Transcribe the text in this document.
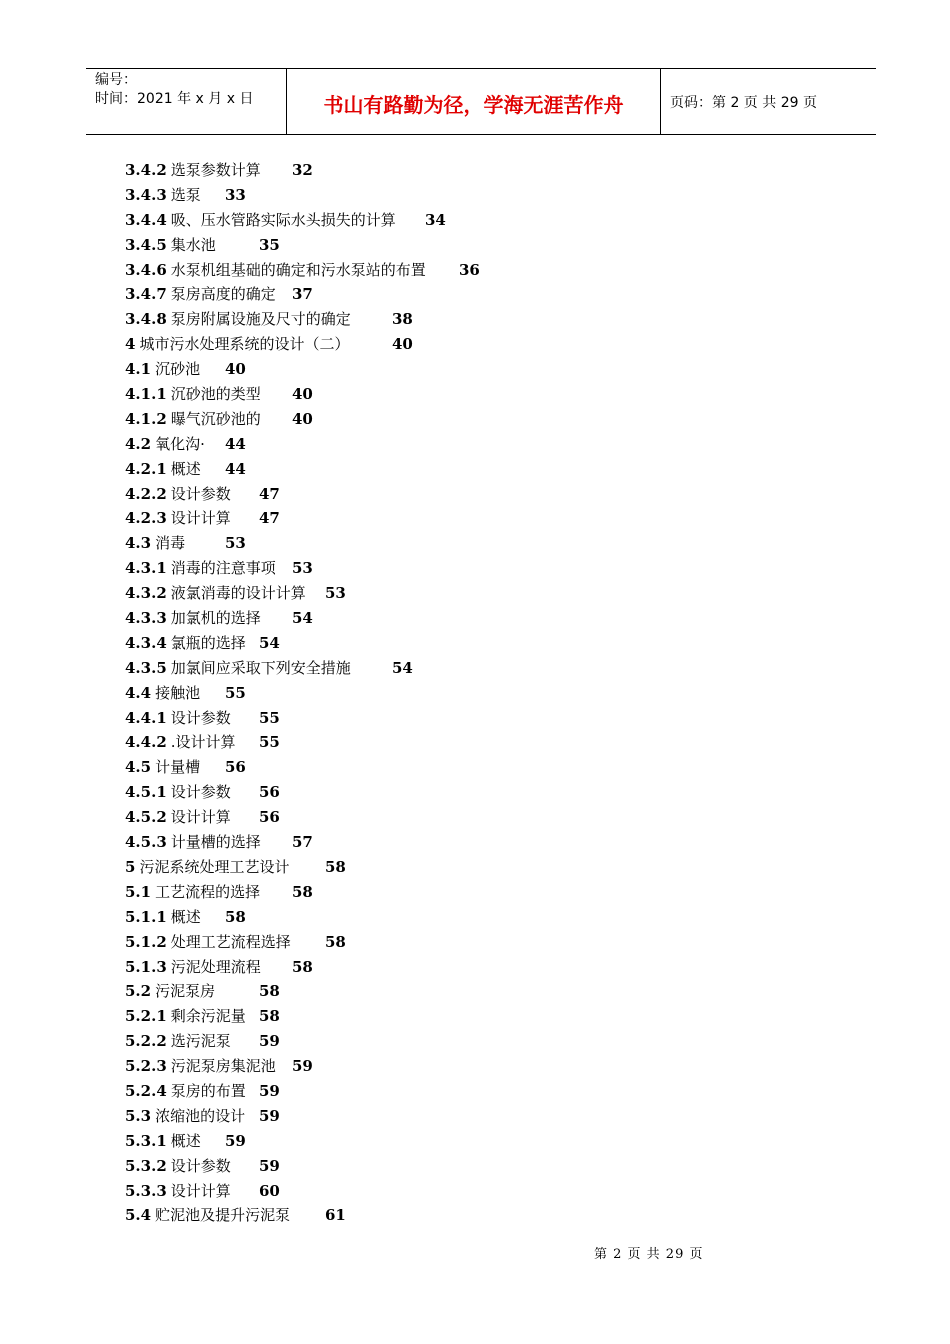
编号：
时间：2021 年 x 月 x 日	书山有路勤为径，学海无涯苦作舟	页码：第 2 页 共 29 页
3.4.2 选泵参数计算 32
3.4.3 选泵 33
3.4.4 吸、压水管路实际水头损失的计算 34
3.4.5 集水池	35
3.4.6 水泵机组基础的确定和污水泵站的布置 36
3.4.7 泵房高度的确定 37
3.4.8 泵房附属设施及尺寸的确定	38
4 城市污水处理系统的设计（二）	40
4.1 沉砂池 40
4.1.1 沉砂池的类型 40
4.1.2 曝气沉砂池的 40
4.2 氧化沟· 44
4.2.1 概述 44
4.2.2 设计参数 47
4.2.3 设计计算 47
4.3 消毒	53
4.3.1 消毒的注意事项 53
4.3.2 液氯消毒的设计计算 53
4.3.3 加氯机的选择 54
4.3.4 氯瓶的选择 54
4.3.5 加氯间应采取下列安全措施	54
4.4 接触池 55
4.4.1 设计参数 55
4.4.2 .设计计算 55
4.5 计量槽 56
4.5.1 设计参数 56
4.5.2 设计计算 56
4.5.3 计量槽的选择 57
5 污泥系统处理工艺设计 58
5.1 工艺流程的选择 58
5.1.1 概述 58
5.1.2 处理工艺流程选择 58
5.1.3 污泥处理流程 58
5.2 污泥泵房	58
5.2.1 剩余污泥量 58
5.2.2 选污泥泵 59
5.2.3 污泥泵房集泥池 59
5.2.4 泵房的布置 59
5.3 浓缩池的设计 59
5.3.1 概述 59
5.3.2 设计参数 59
5.3.3 设计计算 60
5.4 贮泥池及提升污泥泵 61
第 2 页 共 29 页
